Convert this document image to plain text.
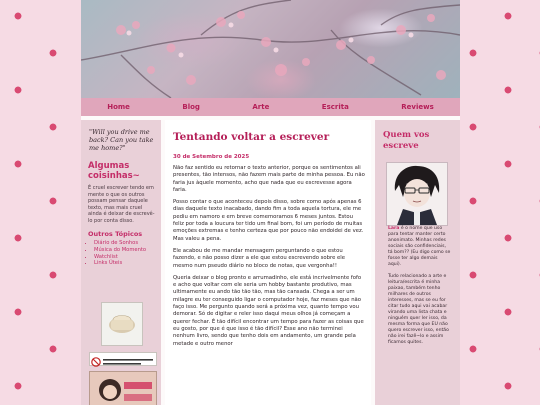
Home	Blog	Arte	Escrita	Reviews
"Will you drive me back? Can you take me home?"
Algumas coisinhas~
É cruel escrever tendo em mente o que os outros possam pensar daquele texto, mas mais cruel ainda é deixar de escrevê-lo por conta disso.
Outros Tópicos
• Diário de Sonhos
• Música do Momento
• Watchlist
• Links Úteis
Tentando voltar a escrever
30 de Setembro de 2025

Não faz sentido eu retornar o texto anterior, porque os sentimentos ali presentes, tão intensos, não fazem mais parte de minha pessoa. Eu não faria jus àquele momento, acho que nada que eu escrevesse agora faria.

Posso contar o que aconteceu depois disso, sobre como após apenas 6 dias daquele texto inacabado, dando fim a toda aquela tortura, ele me pediu em namoro e em breve comemoramos 6 meses juntos. Estou feliz por toda a loucura ter tido um final bom, foi um período de muitas emoções extremas e tenho certeza que por pouco não endoidei de vez. Mas valeu a pena.

Ele acabou de me mandar mensagem perguntando o que estou fazendo, e não posso dizer a ele que estou escrevendo sobre ele mesmo num pseudo diário no bloco de notas, que vergonha!!

Queria deixar o blog pronto e arrumadinho, ele está incrivelmente fofo e acho que voltar com ele seria um hobby bastante produtivo, mas ultimamente eu ando tão tão tão, mas tão cansada. Chega a ser um milagre eu ter conseguido ligar o computador hoje, faz meses que não faço isso. Me pergunto quando será a próxima vez, quanto tempo vou demorar. Só de digitar e reler isso daqui meus olhos já começam a querer fechar. É tão difícil encontrar um tempo para fazer as coisas que eu gosto, por que é que isso é tão difícil? Esse ano não terminei nenhum livro, sendo que tenho dois em andamento, um grande pela metade e outro menor

Quem vos escreve

Lara é o nome que uso para tentar manter certo anonimato. Minhas redes sociais são confidenciais, tá bom?? (Eu digo como se fosse ter algo demais aqui).

Tudo relacionado a arte e leitura/escrita é minha paixao, também tenho milhares de outros interesses, mas se eu for citar tudo aqui vai acabar virando uma lista chata e ninguém quer ler isso, da mesma forma que EU não quero escrever isso, então não irei fazê~lo e assim ficamos quites.
